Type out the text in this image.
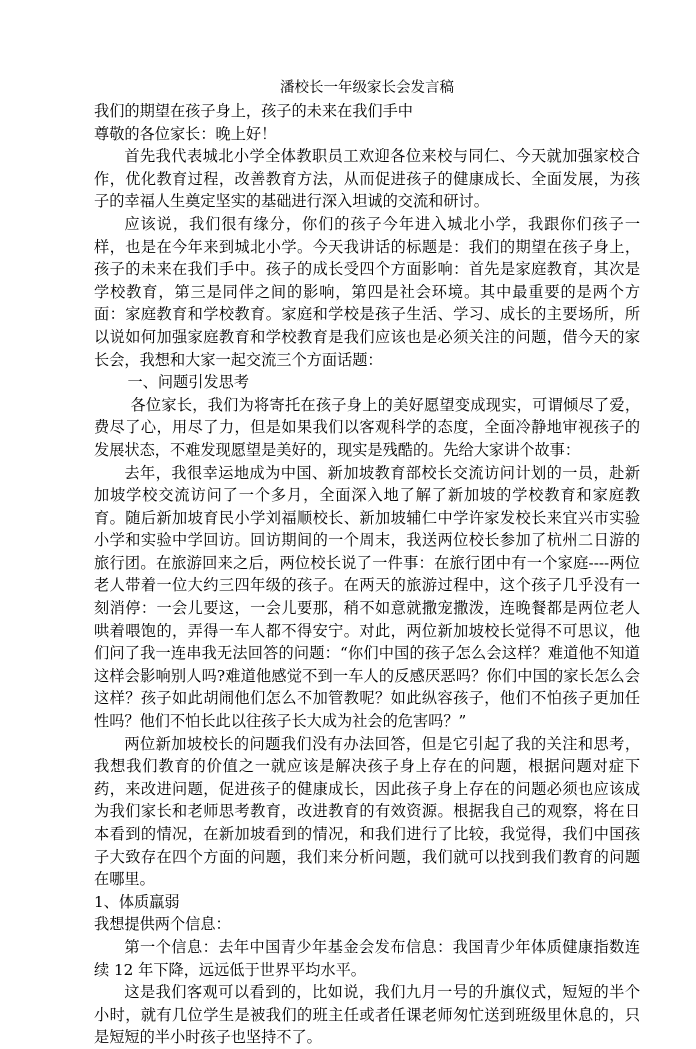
潘校长一年级家长会发言稿

我们的期望在孩子身上，孩子的未来在我们手中

尊敬的各位家长：晚上好！

首先我代表城北小学全体教职员工欢迎各位来校与同仁、今天就加强家校合作，优化教育过程，改善教育方法，从而促进孩子的健康成长、全面发展，为孩子的幸福人生奠定坚实的基础进行深入坦诚的交流和研讨。

应该说，我们很有缘分，你们的孩子今年进入城北小学，我跟你们孩子一样，也是在今年来到城北小学。今天我讲话的标题是：我们的期望在孩子身上，孩子的未来在我们手中。孩子的成长受四个方面影响：首先是家庭教育，其次是学校教育，第三是同伴之间的影响，第四是社会环境。其中最重要的是两个方面：家庭教育和学校教育。家庭和学校是孩子生活、学习、成长的主要场所，所以说如何加强家庭教育和学校教育是我们应该也是必须关注的问题，借今天的家长会，我想和大家一起交流三个方面话题：

一、问题引发思考

各位家长，我们为将寄托在孩子身上的美好愿望变成现实，可谓倾尽了爱，费尽了心，用尽了力，但是如果我们以客观科学的态度，全面冷静地审视孩子的发展状态，不难发现愿望是美好的，现实是残酷的。先给大家讲个故事：

去年，我很幸运地成为中国、新加坡教育部校长交流访问计划的一员，赴新加坡学校交流访问了一个多月，全面深入地了解了新加坡的学校教育和家庭教育。随后新加坡育民小学刘福顺校长、新加坡辅仁中学许家发校长来宜兴市实验小学和实验中学回访。回访期间的一个周末，我送两位校长参加了杭州二日游的旅行团。在旅游回来之后，两位校长说了一件事：在旅行团中有一个家庭----两位老人带着一位大约三四年级的孩子。在两天的旅游过程中，这个孩子几乎没有一刻消停：一会儿要这，一会儿要那，稍不如意就撒宠撒泼，连晚餐都是两位老人哄着喂饱的，弄得一车人都不得安宁。对此，两位新加坡校长觉得不可思议，他们问了我一连串我无法回答的问题：“你们中国的孩子怎么会这样？难道他不知道这样会影响别人吗?难道他感觉不到一车人的反感厌恶吗？你们中国的家长怎么会这样？孩子如此胡闹他们怎么不加管教呢？如此纵容孩子，他们不怕孩子更加任性吗？他们不怕长此以往孩子长大成为社会的危害吗？”

两位新加坡校长的问题我们没有办法回答，但是它引起了我的关注和思考，我想我们教育的价值之一就应该是解决孩子身上存在的问题，根据问题对症下药，来改进问题，促进孩子的健康成长，因此孩子身上存在的问题必须也应该成为我们家长和老师思考教育，改进教育的有效资源。根据我自己的观察，将在日本看到的情况，在新加坡看到的情况，和我们进行了比较，我觉得，我们中国孩子大致存在四个方面的问题，我们来分析问题，我们就可以找到我们教育的问题在哪里。

1、体质羸弱

我想提供两个信息：

第一个信息：去年中国青少年基金会发布信息：我国青少年体质健康指数连续 12 年下降，远远低于世界平均水平。

这是我们客观可以看到的，比如说，我们九月一号的升旗仪式，短短的半个小时，就有几位学生是被我们的班主任或者任课老师匆忙送到班级里休息的，只是短短的半小时孩子也坚持不了。
